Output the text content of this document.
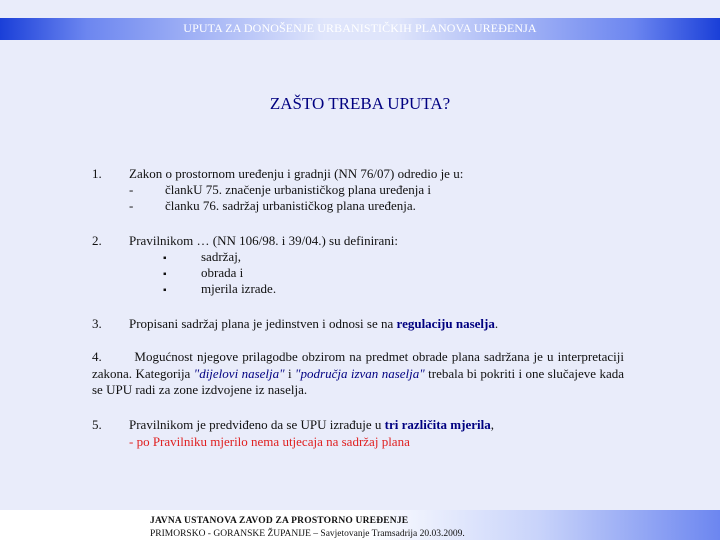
UPUTA ZA DONOŠENJE URBANISTIČKIH PLANOVA UREĐENJA
ZAŠTO TREBA UPUTA?
1. Zakon o prostornom uređenju i gradnji (NN 76/07) odredio je u:
- člankU 75. značenje urbanističkog plana uređenja i
- članku 76. sadržaj urbanističkog plana uređenja.
2. Pravilnikom … (NN 106/98. i 39/04.) su definirani:
▪	sadržaj,
▪	obrada i
▪	mjerila izrade.
3. Propisani sadržaj plana je jedinstven i odnosi se na regulaciju naselja.
4.	Mogućnost njegove prilagodbe obzirom na predmet obrade plana sadržana je u interpretaciji zakona. Kategorija "dijelovi naselja" i "područja izvan naselja" trebala bi pokriti i one slučajeve kada se UPU radi za zone izdvojene iz naselja.
5. Pravilnikom je predviđeno da se UPU izrađuje u tri različita mjerila,
- po Pravilniku mjerilo nema utjecaja na sadržaj plana
JAVNA USTANOVA ZAVOD ZA PROSTORNO UREĐENJE
PRIMORSKO - GORANSKE ŽUPANIJE – Savjetovanje Tramsadrija 20.03.2009.
